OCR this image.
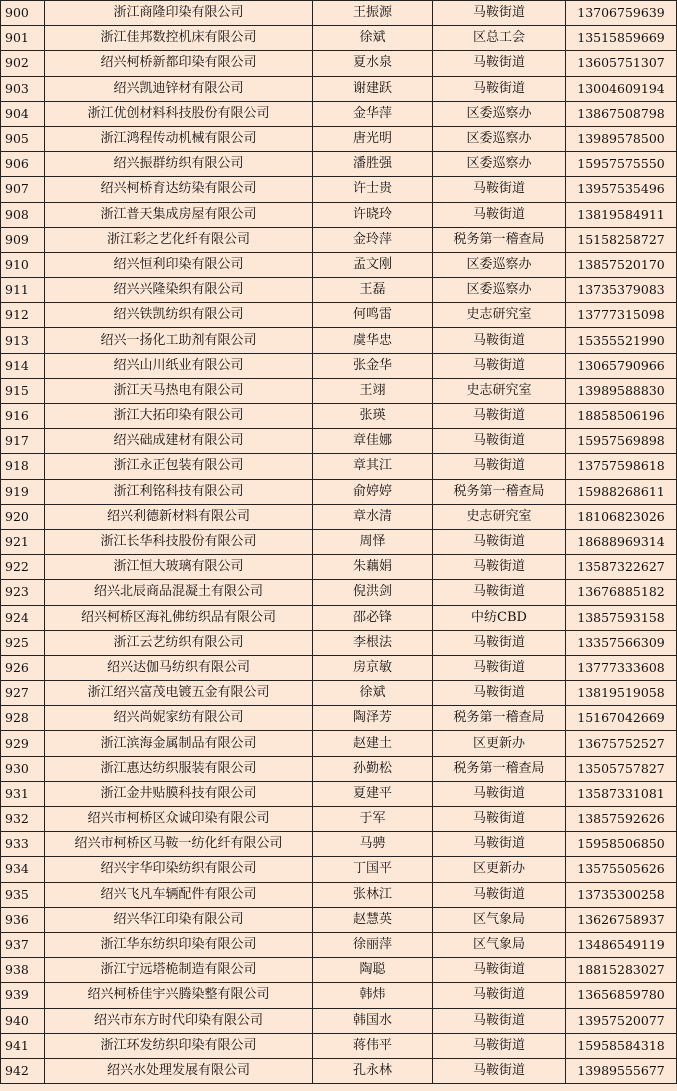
900	浙江商隆印染有限公司	王振源	马鞍街道	13706759639
901	浙江佳邦数控机床有限公司	徐斌	区总工会	13515859669
902	绍兴柯桥新都印染有限公司	夏水泉	马鞍街道	13605751307
903	绍兴凯迪锌材有限公司	谢建跃	马鞍街道	13004609194
904	浙江优创材料科技股份有限公司	金华萍	区委巡察办	13867508798
905	浙江鸿程传动机械有限公司	唐光明	区委巡察办	13989578500
906	绍兴振群纺织有限公司	潘胜强	区委巡察办	15957575550
907	绍兴柯桥育达纺染有限公司	许士贵	马鞍街道	13957535496
908	浙江普天集成房屋有限公司	许晓玲	马鞍街道	13819584911
909	浙江彩之艺化纤有限公司	金玲萍	税务第一稽查局	15158258727
910	绍兴恒利印染有限公司	孟文刚	区委巡察办	13857520170
911	绍兴兴隆染织有限公司	王磊	区委巡察办	13735379083
912	绍兴铁凯纺织有限公司	何鸣雷	史志研究室	13777315098
913	绍兴一扬化工助剂有限公司	虞华忠	马鞍街道	15355521990
914	绍兴山川纸业有限公司	张金华	马鞍街道	13065790966
915	浙江天马热电有限公司	王翊	史志研究室	13989588830
916	浙江大拓印染有限公司	张瑛	马鞍街道	18858506196
917	绍兴础成建材有限公司	章佳娜	马鞍街道	15957569898
918	浙江永正包装有限公司	章其江	马鞍街道	13757598618
919	浙江利铭科技有限公司	俞婷婷	税务第一稽查局	15988268611
920	绍兴利德新材料有限公司	章水清	史志研究室	18106823026
921	浙江长华科技股份有限公司	周怿	马鞍街道	18688969314
922	浙江恒大玻璃有限公司	朱藕娟	马鞍街道	13587322627
923	绍兴北辰商品混凝土有限公司	倪洪剑	马鞍街道	13676885182
924	绍兴柯桥区海礼佛纺织品有限公司	邵必锋	中纺CBD	13857593158
925	浙江云艺纺织有限公司	李根法	马鞍街道	13357566309
926	绍兴达伽马纺织有限公司	房京敏	马鞍街道	13777333608
927	浙江绍兴富茂电镀五金有限公司	徐斌	马鞍街道	13819519058
928	绍兴尚妮家纺有限公司	陶泽芳	税务第一稽查局	15167042669
929	浙江滨海金属制品有限公司	赵建土	区更新办	13675752527
930	浙江惠达纺织服装有限公司	孙勤松	税务第一稽查局	13505757827
931	浙江金井贴膜科技有限公司	夏建平	马鞍街道	13587331081
932	绍兴市柯桥区众诚印染有限公司	于军	马鞍街道	13857592626
933	绍兴市柯桥区马鞍一纺化纤有限公司	马骋	马鞍街道	15958506850
934	绍兴宇华印染纺织有限公司	丁国平	区更新办	13575505626
935	绍兴飞凡车辆配件有限公司	张林江	马鞍街道	13735300258
936	绍兴华江印染有限公司	赵慧英	区气象局	13626758937
937	浙江华东纺织印染有限公司	徐丽萍	区气象局	13486549119
938	浙江宁远塔桅制造有限公司	陶聪	马鞍街道	18815283027
939	绍兴柯桥佳宇兴腾染整有限公司	韩炜	马鞍街道	13656859780
940	绍兴市东方时代印染有限公司	韩国水	马鞍街道	13957520077
941	浙江环发纺织印染有限公司	蒋伟平	马鞍街道	15958584318
942	绍兴水处理发展有限公司	孔永林	马鞍街道	13989555677
